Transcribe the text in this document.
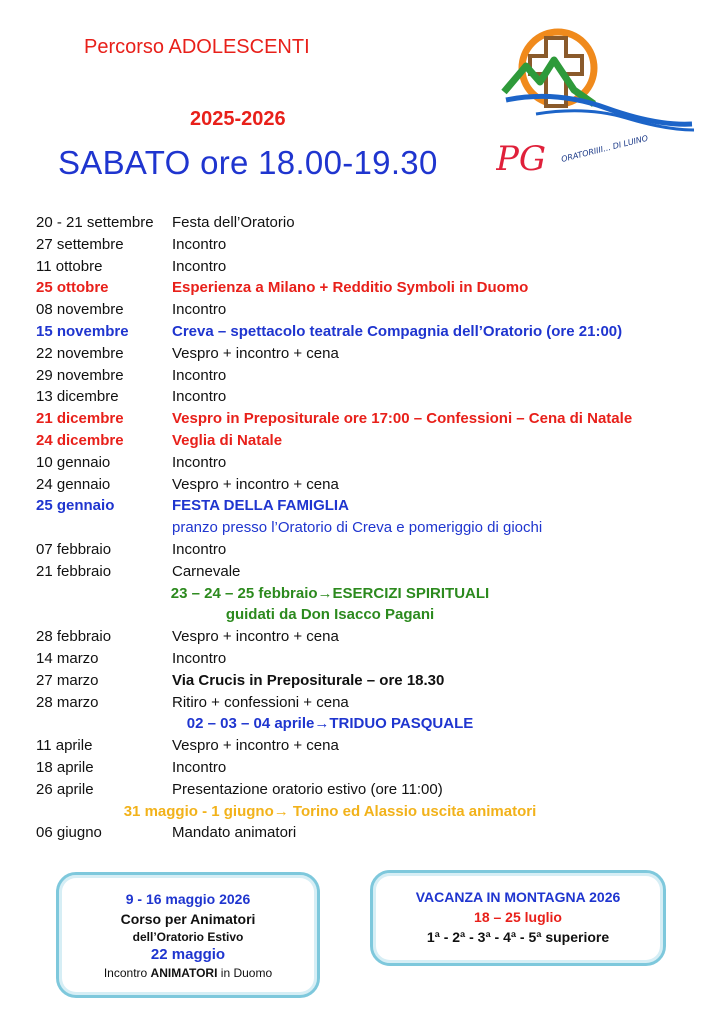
Percorso ADOLESCENTI
2025-2026
SABATO ore 18.00-19.30 PG ORATORIIII... DI LUINO
20 - 21 settembre Festa dell’Oratorio
27 settembre	Incontro
11 ottobre	Incontro
25 ottobre	Esperienza a Milano + Redditio Symboli in Duomo
08 novembre	Incontro
15 novembre	Creva – spettacolo teatrale Compagnia dell’Oratorio (ore 21:00)
22 novembre	Vespro + incontro + cena
29 novembre	Incontro
13 dicembre	Incontro
21 dicembre	Vespro in Prepositurale ore 17:00 – Confessioni – Cena di Natale
24 dicembre	Veglia di Natale
10 gennaio	Incontro
24 gennaio	Vespro + incontro + cena
25 gennaio	FESTA DELLA FAMIGLIA
pranzo presso l’Oratorio di Creva e pomeriggio di giochi
07 febbraio	Incontro
21 febbraio	Carnevale
23 – 24 – 25 febbraio→ESERCIZI SPIRITUALI
guidati da Don Isacco Pagani
28 febbraio	Vespro + incontro + cena
14 marzo	Incontro
27 marzo	Via Crucis in Prepositurale – ore 18.30
28 marzo	Ritiro + confessioni + cena
02 – 03 – 04 aprile→TRIDUO PASQUALE
11 aprile	Vespro + incontro + cena
18 aprile	Incontro
26 aprile	Presentazione oratorio estivo (ore 11:00)
31 maggio - 1 giugno→ Torino ed Alassio uscita animatori
06 giugno	Mandato animatori
9 - 16 maggio 2026
Corso per Animatori
dell’Oratorio Estivo
22 maggio
Incontro ANIMATORI in Duomo
VACANZA IN MONTAGNA 2026
18 – 25 luglio
1ª - 2ª - 3ª - 4ª - 5ª superiore
